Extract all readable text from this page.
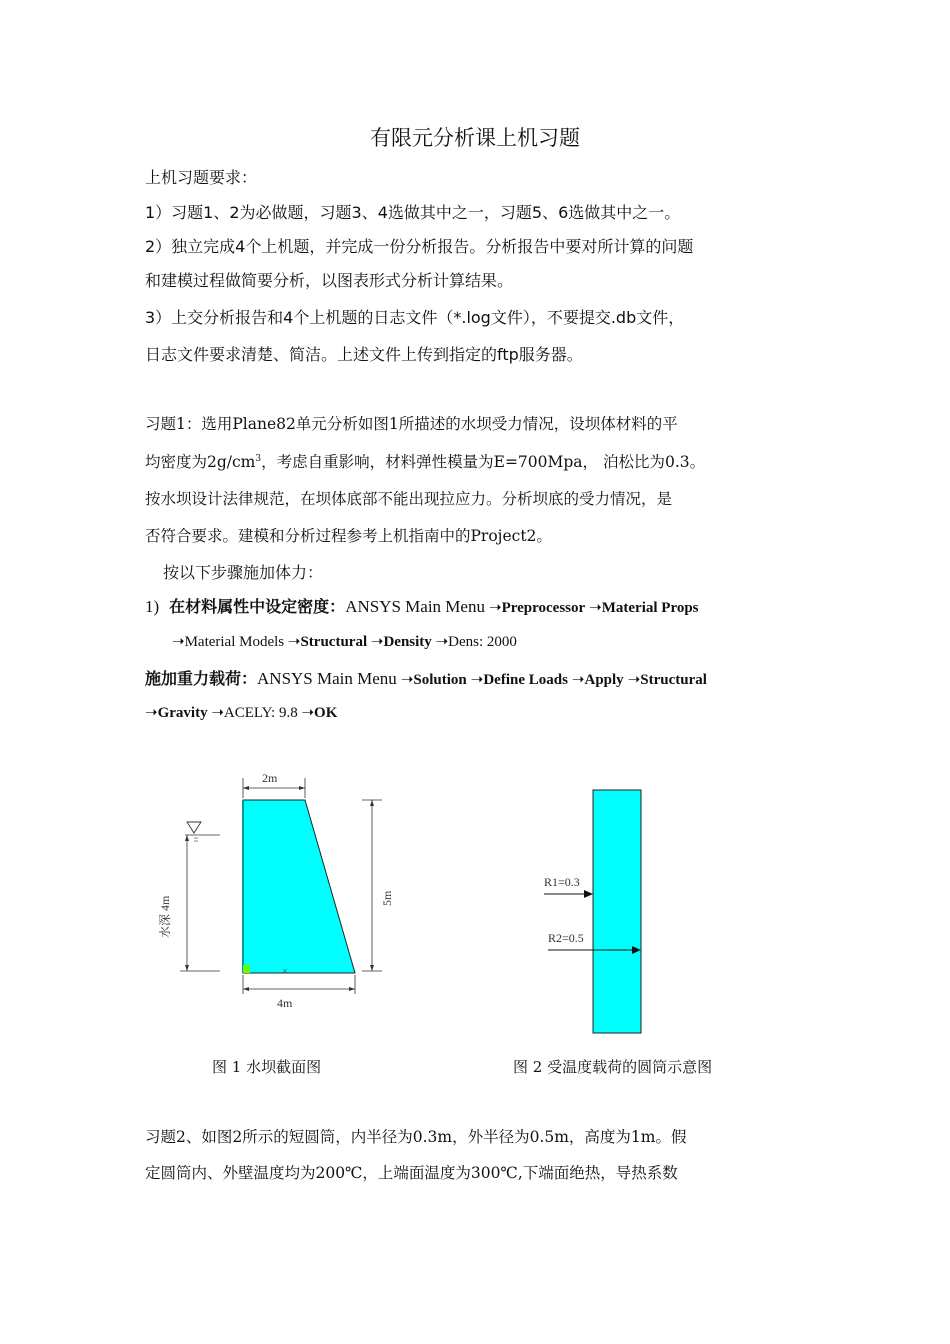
有限元分析课上机习题
上机习题要求：
1）习题1、2为必做题，习题3、4选做其中之一，习题5、6选做其中之一。
2）独立完成4个上机题，并完成一份分析报告。分析报告中要对所计算的问题
和建模过程做简要分析，以图表形式分析计算结果。
3）上交分析报告和4个上机题的日志文件（*.log文件），不要提交.db文件，
日志文件要求清楚、简洁。上述文件上传到指定的ftp服务器。
习题1：选用Plane82单元分析如图1所描述的水坝受力情况，设坝体材料的平
均密度为$2g/cm^3$，考虑自重影响，材料弹性模量为E=700Mpa， 泊松比为0.3。
按水坝设计法律规范，在坝体底部不能出现拉应力。分析坝底的受力情况，是
否符合要求。建模和分析过程参考上机指南中的Project2。
按以下步骤施加体力：
1) 在材料属性中设定密度：ANSYS Main Menu ➝Preprocessor ➝Material Props
➝Material Models ➝Structural ➝Density ➝Dens: 2000
施加重力载荷：ANSYS Main Menu ➝Solution ➝Define Loads ➝Apply ➝Structural
➝Gravity ➝ACELY: 9.8 ➝OK
×
2m
5m
4m
水深 4m
R1=0.3
R2=0.5
图 1 水坝截面图	图 2 受温度载荷的圆筒示意图
习题2、如图2所示的短圆筒，内半径为0.3m，外半径为0.5m，高度为1m。假
定圆筒内、外壁温度均为200℃，上端面温度为300℃,下端面绝热，导热系数
